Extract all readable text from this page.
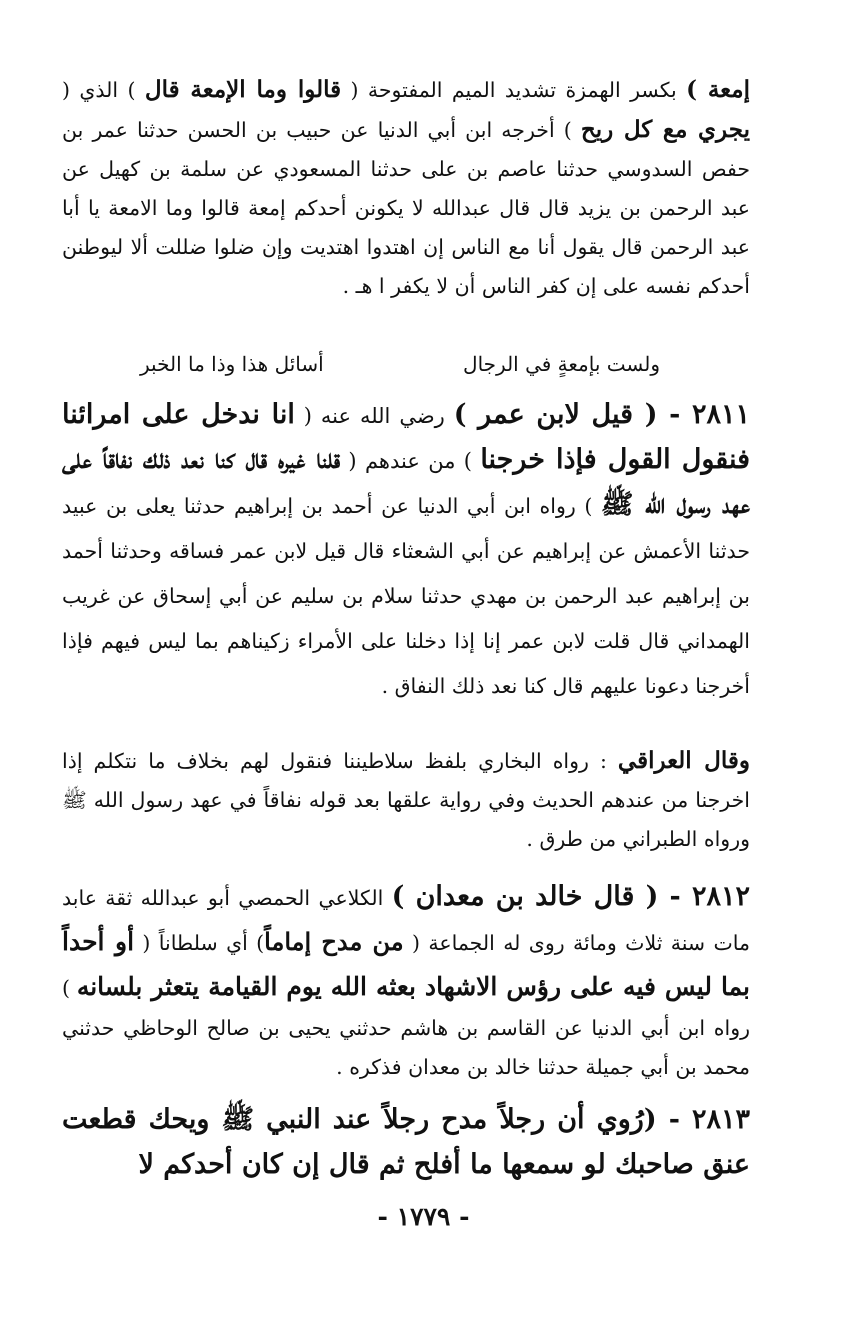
إمعة ) بكسر الهمزة تشديد الميم المفتوحة ( قالوا وما الإمعة قال ) الذي ( يجري مع كل ريح ) أخرجه ابن أبي الدنيا عن حبيب بن الحسن حدثنا عمر بن حفص السدوسي حدثنا عاصم بن على حدثنا المسعودي عن سلمة بن كهيل عن عبد الرحمن بن يزيد قال قال عبدالله لا يكونن أحدكم إمعة قالوا وما الامعة يا أبا عبد الرحمن قال يقول أنا مع الناس إن اهتدوا اهتديت وإن ضلوا ضللت ألا ليوطنن أحدكم نفسه على إن كفر الناس أن لا يكفر ا هـ .
ولست بإمعةٍ في الرجال
أسائل هذا وذا ما الخبر
٢٨١١ - ( قيل لابن عمر ) رضي الله عنه ( انا ندخل على امرائنا فنقول القول فإذا خرجنا ) من عندهم ( قلنا غيره قال كنا نعد ذلك نفاقاً على عهد رسول الله ﷺ ) رواه ابن أبي الدنيا عن أحمد بن إبراهيم حدثنا يعلى بن عبيد حدثنا الأعمش عن إبراهيم عن أبي الشعثاء قال قيل لابن عمر فساقه وحدثنا أحمد بن إبراهيم عبد الرحمن بن مهدي حدثنا سلام بن سليم عن أبي إسحاق عن غريب الهمداني قال قلت لابن عمر إنا إذا دخلنا على الأمراء زكيناهم بما ليس فيهم فإذا أخرجنا دعونا عليهم قال كنا نعد ذلك النفاق .
وقال العراقي : رواه البخاري بلفظ سلاطيننا فنقول لهم بخلاف ما نتكلم إذا اخرجنا من عندهم الحديث وفي رواية علقها بعد قوله نفاقاً في عهد رسول الله ﷺ ورواه الطبراني من طرق .
٢٨١٢ - ( قال خالد بن معدان ) الكلاعي الحمصي أبو عبدالله ثقة عابد مات سنة ثلاث ومائة روى له الجماعة ( من مدح إماماً) أي سلطاناً ( أو أحداً بما ليس فيه على رؤس الاشهاد بعثه الله يوم القيامة يتعثر بلسانه ) رواه ابن أبي الدنيا عن القاسم بن هاشم حدثني يحيى بن صالح الوحاظي حدثني محمد بن أبي جميلة حدثنا خالد بن معدان فذكره .
٢٨١٣ - (رُوي أن رجلاً مدح رجلاً عند النبي ﷺ ويحك قطعت عنق صاحبك لو سمعها ما أفلح ثم قال إن كان أحدكم لا
- ١٧٧٩ -
